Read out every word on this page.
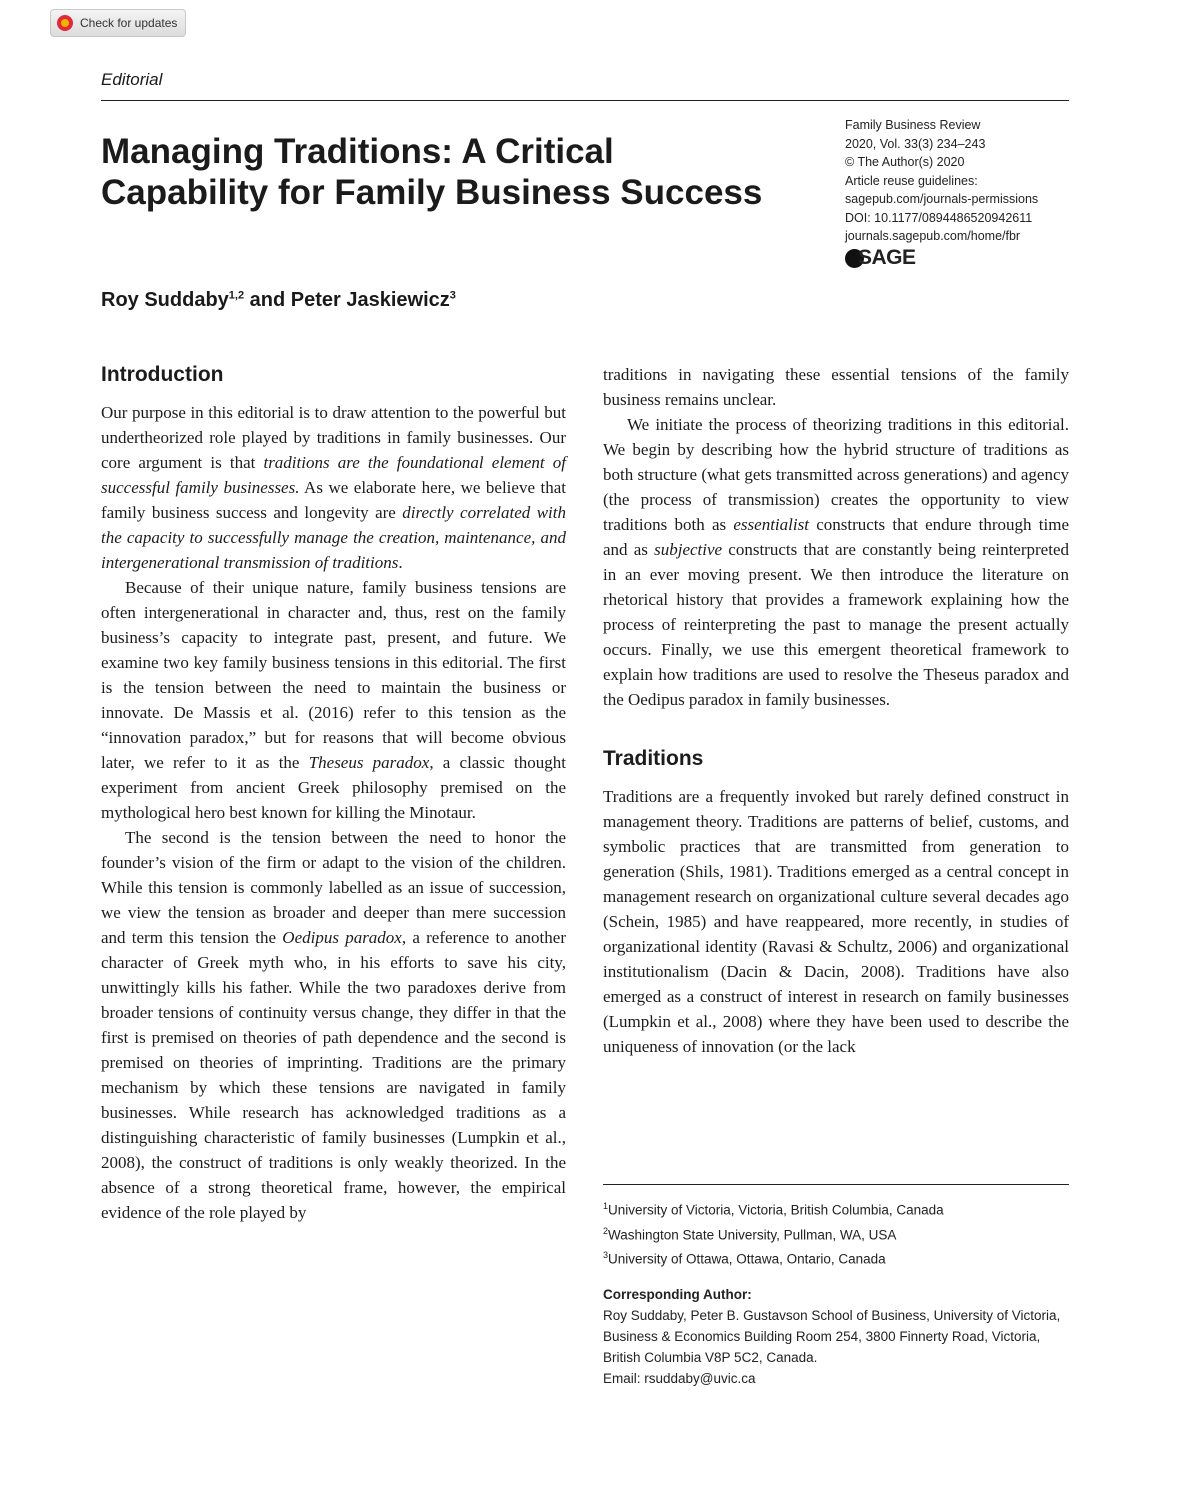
Check for updates
Editorial
Managing Traditions: A Critical
Capability for Family Business Success
Family Business Review
2020, Vol. 33(3) 234–243
© The Author(s) 2020
Article reuse guidelines:
sagepub.com/journals-permissions
DOI: 10.1177/0894486520942611
journals.sagepub.com/home/fbr
SAGE
Roy Suddaby$^{1,2}$ and Peter Jaskiewicz$^3$
Introduction

Our purpose in this editorial is to draw attention to the powerful but undertheorized role played by traditions in family businesses. Our core argument is that traditions are the foundational element of successful family businesses. As we elaborate here, we believe that family business success and longevity are directly correlated with the capacity to successfully manage the creation, maintenance, and intergenerational transmission of traditions.

Because of their unique nature, family business tensions are often intergenerational in character and, thus, rest on the family business’s capacity to integrate past, present, and future. We examine two key family business tensions in this editorial. The first is the tension between the need to maintain the business or innovate. De Massis et al. (2016) refer to this tension as the “innovation paradox,” but for reasons that will become obvious later, we refer to it as the Theseus paradox, a classic thought experiment from ancient Greek philosophy premised on the mythological hero best known for killing the Minotaur.

The second is the tension between the need to honor the founder’s vision of the firm or adapt to the vision of the children. While this tension is commonly labelled as an issue of succession, we view the tension as broader and deeper than mere succession and term this tension the Oedipus paradox, a reference to another character of Greek myth who, in his efforts to save his city, unwittingly kills his father. While the two paradoxes derive from broader tensions of continuity versus change, they differ in that the first is premised on theories of path dependence and the second is premised on theories of imprinting. Traditions are the primary mechanism by which these tensions are navigated in family businesses. While research has acknowledged traditions as a distinguishing characteristic of family businesses (Lumpkin et al., 2008), the construct of traditions is only weakly theorized. In the absence of a strong theoretical frame, however, the empirical evidence of the role played by

traditions in navigating these essential tensions of the family business remains unclear.

We initiate the process of theorizing traditions in this editorial. We begin by describing how the hybrid structure of traditions as both structure (what gets transmitted across generations) and agency (the process of transmission) creates the opportunity to view traditions both as essentialist constructs that endure through time and as subjective constructs that are constantly being reinterpreted in an ever moving present. We then introduce the literature on rhetorical history that provides a framework explaining how the process of reinterpreting the past to manage the present actually occurs. Finally, we use this emergent theoretical framework to explain how traditions are used to resolve the Theseus paradox and the Oedipus paradox in family businesses.

Traditions

Traditions are a frequently invoked but rarely defined construct in management theory. Traditions are patterns of belief, customs, and symbolic practices that are transmitted from generation to generation (Shils, 1981). Traditions emerged as a central concept in management research on organizational culture several decades ago (Schein, 1985) and have reappeared, more recently, in studies of organizational identity (Ravasi & Schultz, 2006) and organizational institutionalism (Dacin & Dacin, 2008). Traditions have also emerged as a construct of interest in research on family businesses (Lumpkin et al., 2008) where they have been used to describe the uniqueness of innovation (or the lack

$^1$University of Victoria, Victoria, British Columbia, Canada
$^2$Washington State University, Pullman, WA, USA
$^3$University of Ottawa, Ottawa, Ontario, Canada
Corresponding Author:
Roy Suddaby, Peter B. Gustavson School of Business, University of Victoria, Business & Economics Building Room 254, 3800 Finnerty Road, Victoria, British Columbia V8P 5C2, Canada.
Email: rsuddaby@uvic.ca
